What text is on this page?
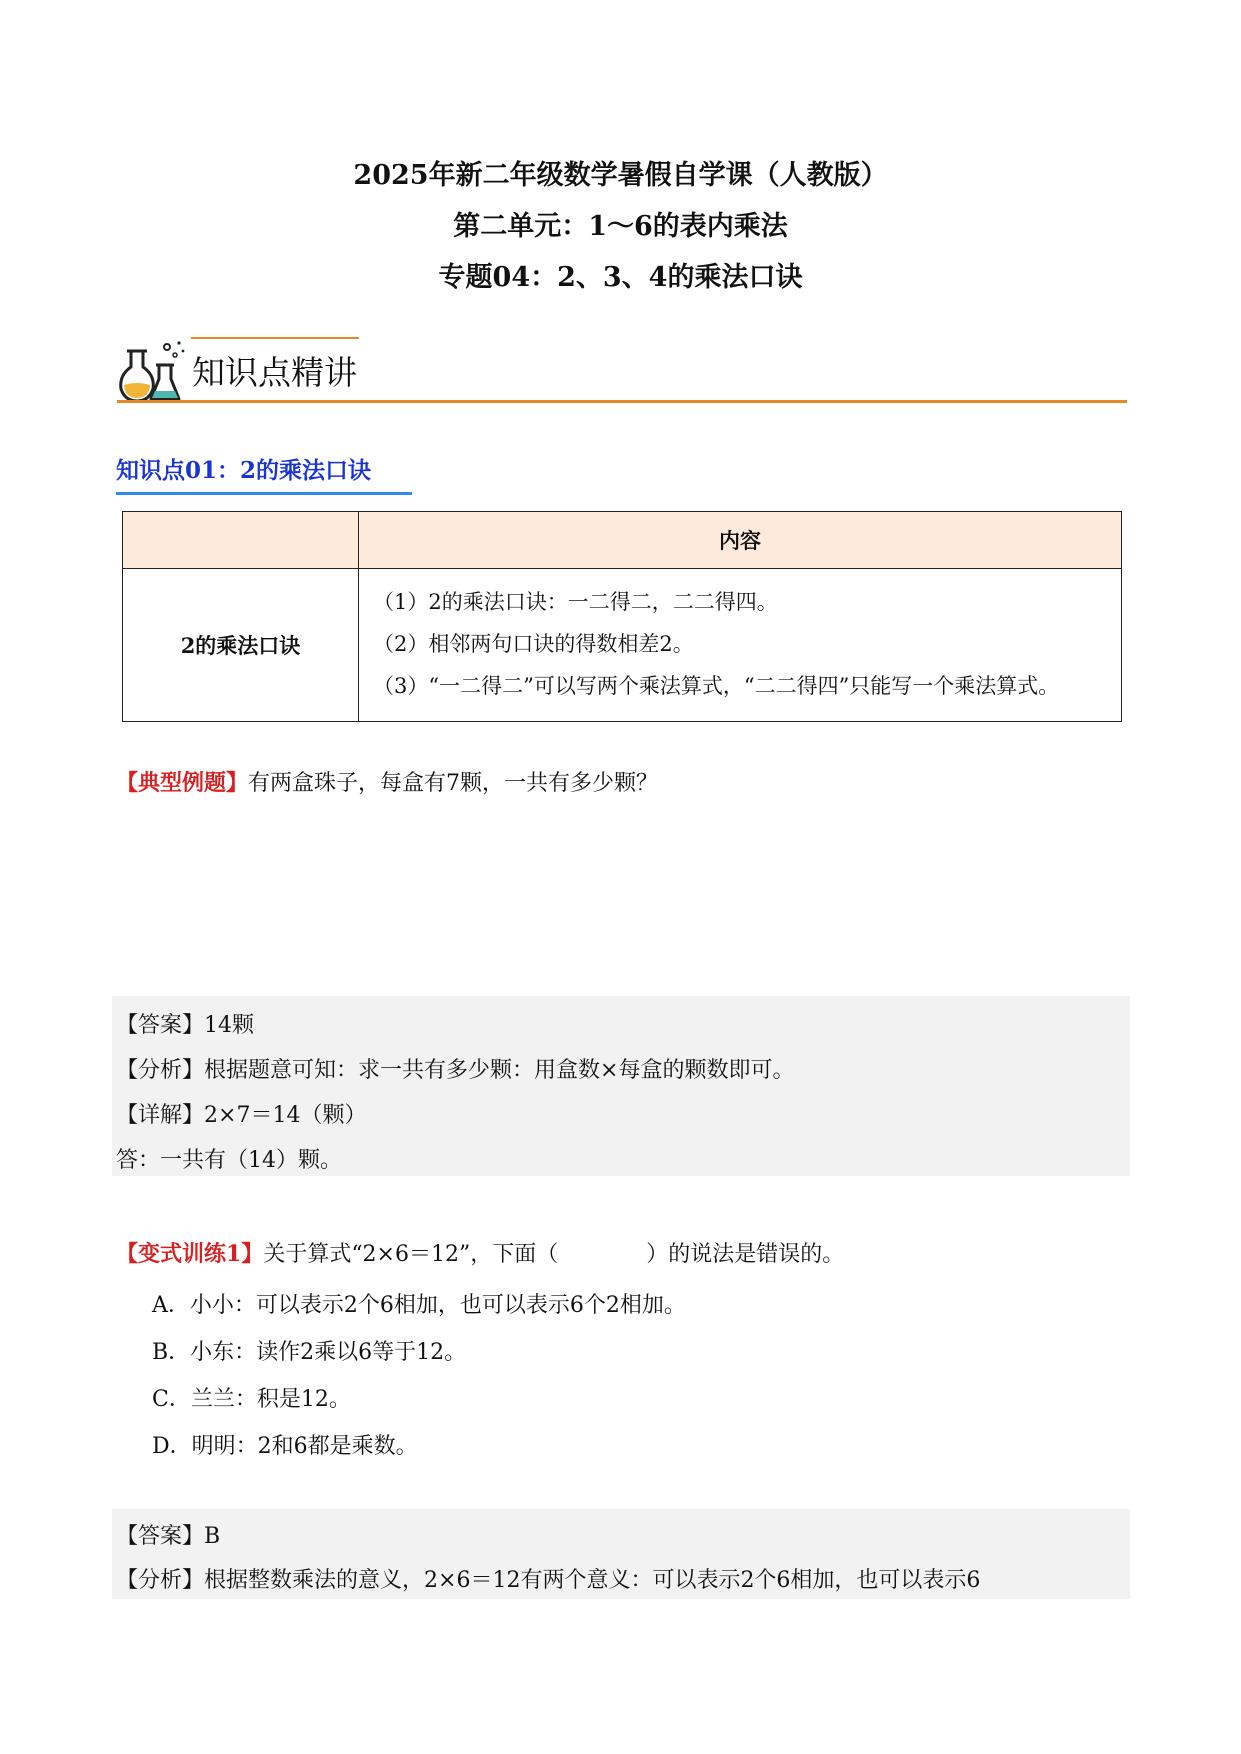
2025年新二年级数学暑假自学课（人教版）
第二单元：1～6的表内乘法
专题04：2、3、4的乘法口诀
知识点精讲
知识点01：2的乘法口诀
	内容
2的乘法口诀	（1）2的乘法口诀：一二得二，二二得四。

（2）相邻两句口诀的得数相差2。

（3）“一二得二”可以写两个乘法算式，“二二得四”只能写一个乘法算式。

【典型例题】有两盒珠子，每盒有7颗，一共有多少颗？
【答案】14颗
【分析】根据题意可知：求一共有多少颗：用盒数×每盒的颗数即可。
【详解】2×7＝14（颗）
答：一共有（14）颗。
【变式训练1】关于算式“2×6＝12”，下面（　　　　）的说法是错误的。
A．小小：可以表示2个6相加，也可以表示6个2相加。
B．小东：读作2乘以6等于12。
C．兰兰：积是12。
D．明明：2和6都是乘数。
【答案】B
【分析】根据整数乘法的意义，2×6＝12有两个意义：可以表示2个6相加，也可以表示6
